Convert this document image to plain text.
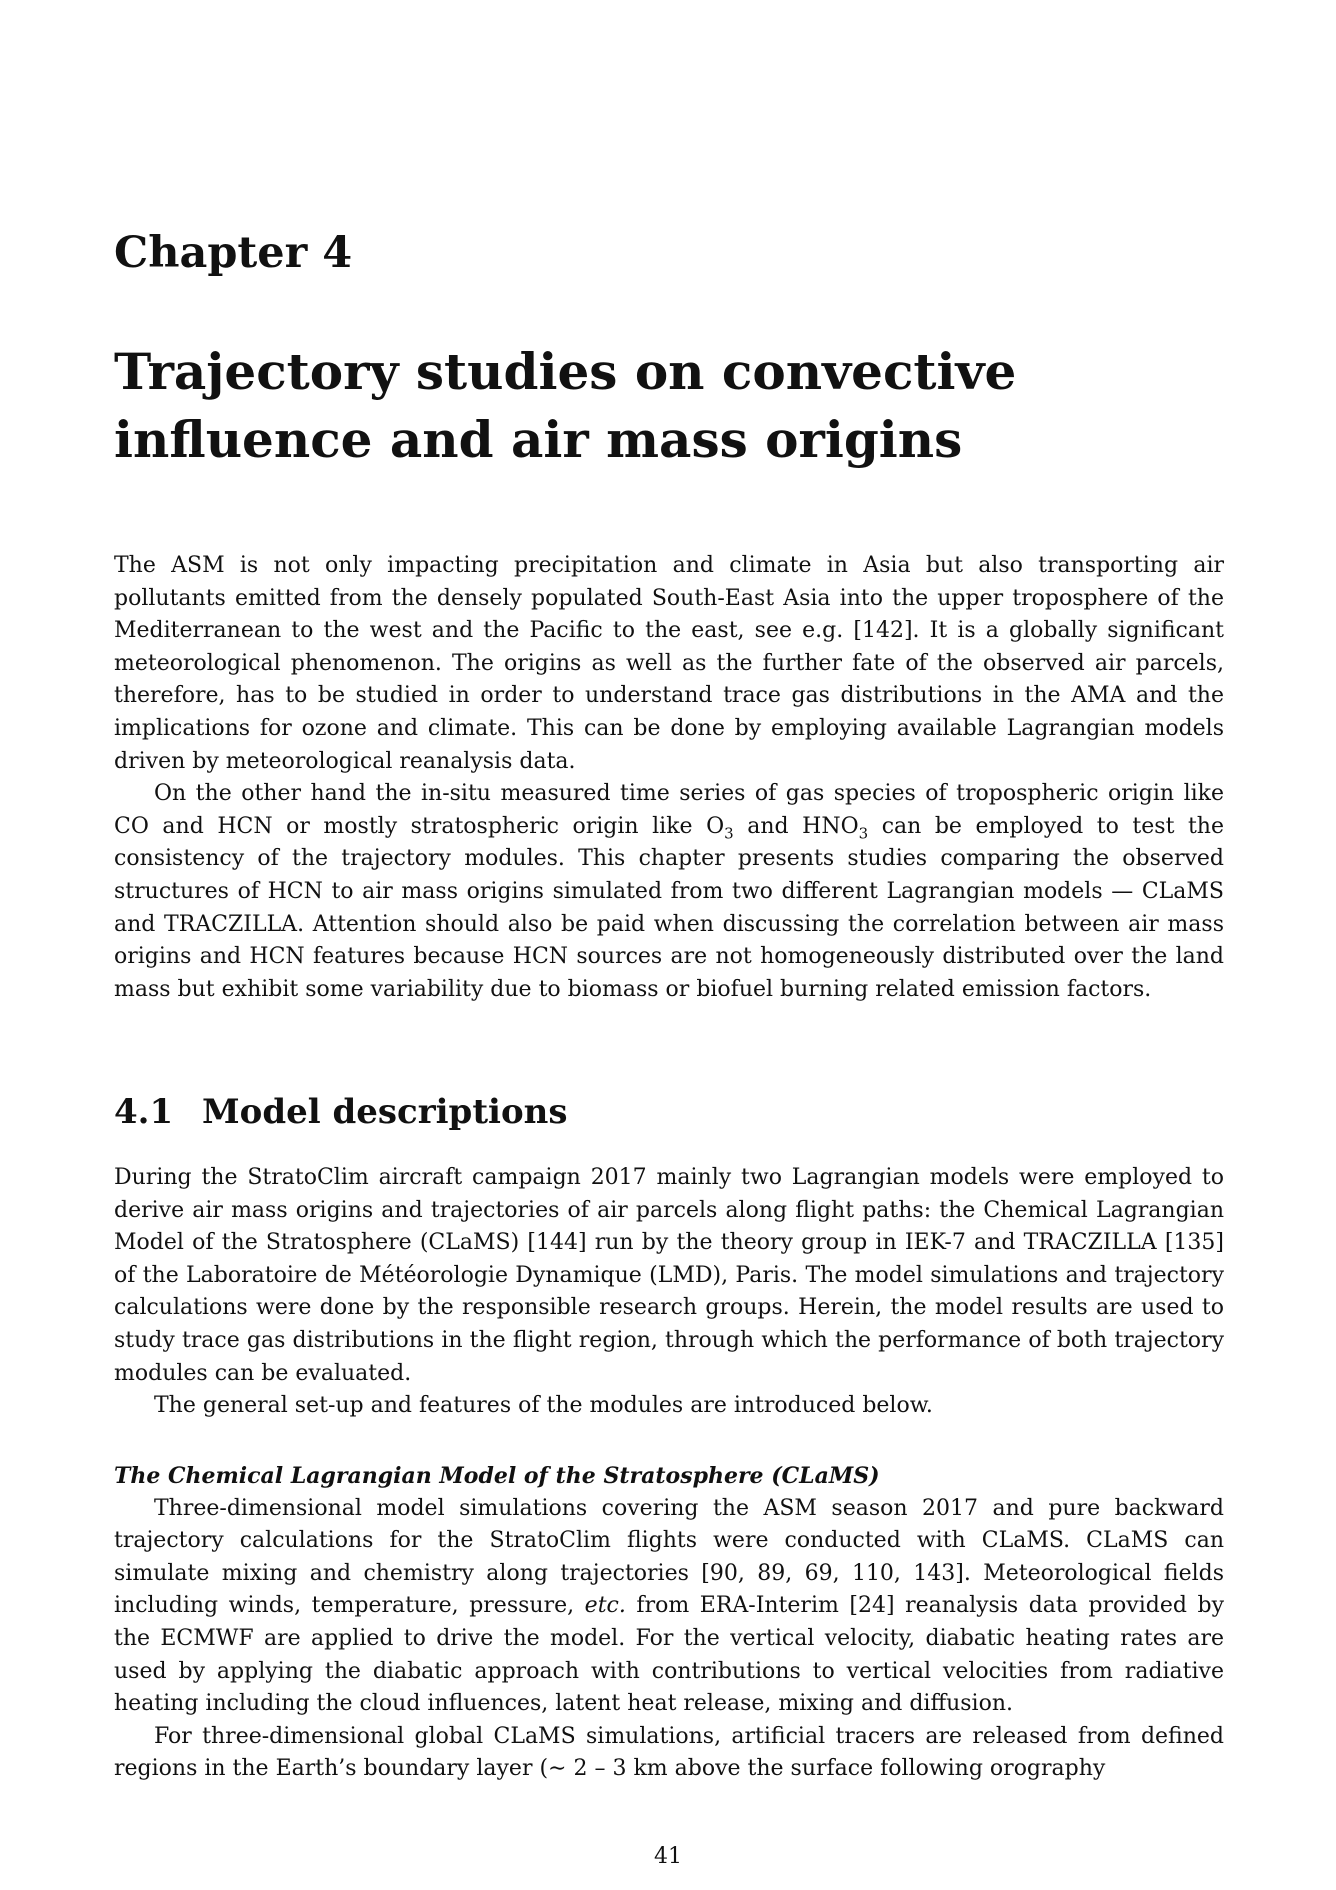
Chapter 4
Trajectory studies on convective influence and air mass origins

The ASM is not only impacting precipitation and climate in Asia but also transporting air pollutants emitted from the densely populated South-East Asia into the upper troposphere of the Mediterranean to the west and the Pacific to the east, see e.g. [142]. It is a globally significant meteorological phenomenon. The origins as well as the further fate of the observed air parcels, therefore, has to be studied in order to understand trace gas distributions in the AMA and the implications for ozone and climate. This can be done by employing available Lagrangian models driven by meteorological reanalysis data.

On the other hand the in-situ measured time series of gas species of tropospheric origin like CO and HCN or mostly stratospheric origin like $O_3$ and $HNO_3$ can be employed to test the consistency of the trajectory modules. This chapter presents studies comparing the observed structures of HCN to air mass origins simulated from two different Lagrangian models — CLaMS and TRACZILLA. Attention should also be paid when discussing the correlation between air mass origins and HCN features because HCN sources are not homogeneously distributed over the land mass but exhibit some variability due to biomass or biofuel burning related emission factors.

4.1 Model descriptions

During the StratoClim aircraft campaign 2017 mainly two Lagrangian models were employed to derive air mass origins and trajectories of air parcels along flight paths: the Chemical Lagrangian Model of the Stratosphere (CLaMS) [144] run by the theory group in IEK-7 and TRACZILLA [135] of the Laboratoire de Météorologie Dynamique (LMD), Paris. The model simulations and trajectory calculations were done by the responsible research groups. Herein, the model results are used to study trace gas distributions in the flight region, through which the performance of both trajectory modules can be evaluated.

The general set-up and features of the modules are introduced below.

The Chemical Lagrangian Model of the Stratosphere (CLaMS)

Three-dimensional model simulations covering the ASM season 2017 and pure backward trajectory calculations for the StratoClim flights were conducted with CLaMS. CLaMS can simulate mixing and chemistry along trajectories [90, 89, 69, 110, 143]. Meteorological fields including winds, temperature, pressure, etc. from ERA-Interim [24] reanalysis data provided by the ECMWF are applied to drive the model. For the vertical velocity, diabatic heating rates are used by applying the diabatic approach with contributions to vertical velocities from radiative heating including the cloud influences, latent heat release, mixing and diffusion.

For three-dimensional global CLaMS simulations, artificial tracers are released from defined regions in the Earth’s boundary layer (∼ 2 – 3 km above the surface following orography

41
